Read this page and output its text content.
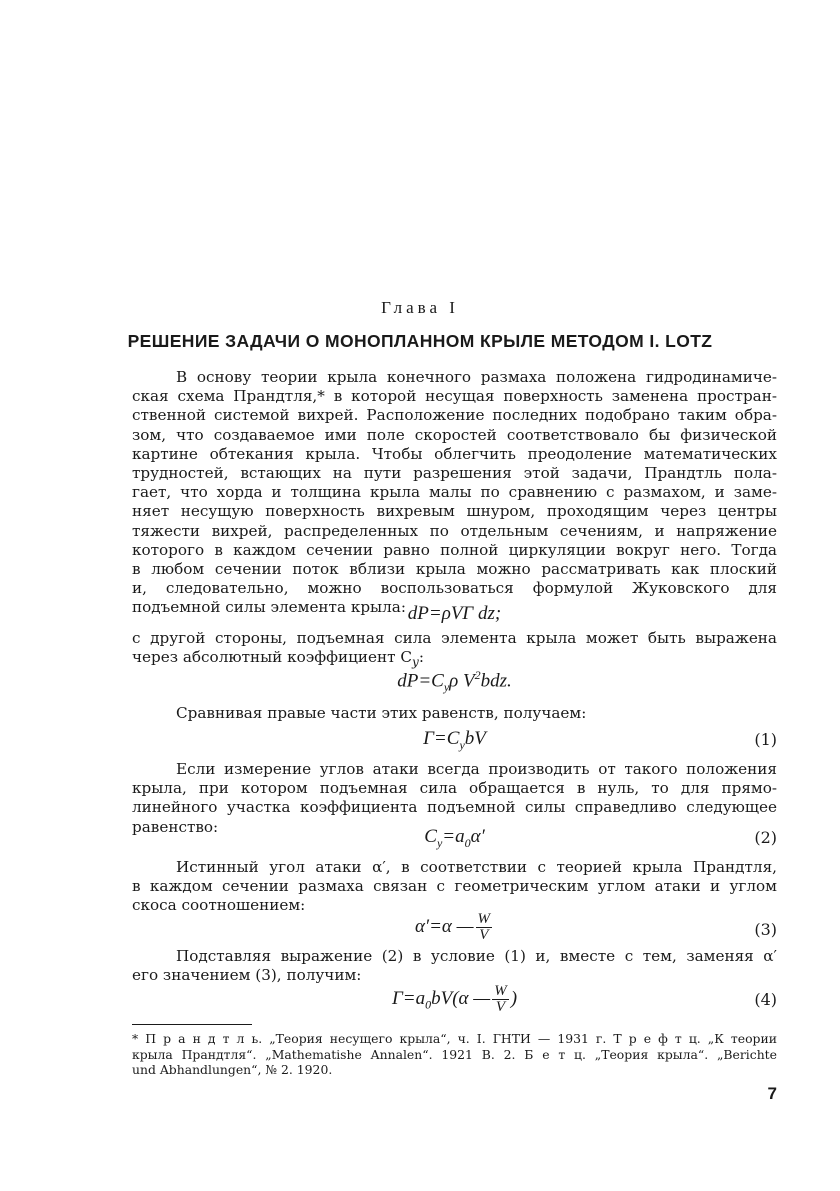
Глава I
РЕШЕНИЕ ЗАДАЧИ О МОНОПЛАННОМ КРЫЛЕ МЕТОДОМ I. LOTZ
В основу теории крыла конечного размаха положена гидродинамиче-
ская схема Прандтля,* в которой несущая поверхность заменена простран-
ственной системой вихрей. Расположение последних подобрано таким обра-
зом, что создаваемое ими поле скоростей соответствовало бы физической
картине обтекания крыла. Чтобы облегчить преодоление математических
трудностей, встающих на пути разрешения этой задачи, Прандтль пола-
гает, что хорда и толщина крыла малы по сравнению с размахом, и заме-
няет несущую поверхность вихревым шнуром, проходящим через центры
тяжести вихрей, распределенных по отдельным сечениям, и напряжение
которого в каждом сечении равно полной циркуляции вокруг него. Тогда
в любом сечении поток вблизи крыла можно рассматривать как плоский
и, следовательно, можно воспользоваться формулой Жуковского для
подъемной силы элемента крыла: dP=ρVΓ dz;
с другой стороны, подъемная сила элемента крыла может быть выражена
через абсолютный коэффициент $C_y$:
$dP=C_y\rho$ $V^2bdz$.
Сравнивая правые части этих равенств, получаем:
$\Gamma=C_ybV$	(1)
Если измерение углов атаки всегда производить от такого положения
крыла, при котором подъемная сила обращается в нуль, то для прямо-
линейного участка коэффициента подъемной силы справедливо следующее
равенство:	$C_y=a_0\alpha'$	(2)
Истинный угол атаки α′, в соответствии с теорией крыла Прандтля,
в каждом сечении размаха связан с геометрическим углом атаки и углом
скоса соотношением:
α′=α — $\frac{W}{V}$	(3)
Подставляя выражение (2) в условие (1) и, вместе с тем, заменяя α′
его значением (3), получим:
$\Gamma=a_0bV(\alpha$ — $\frac{W}{V}$ )	(4)
* П р а н д т л ь. „Теория несущего крыла“, ч. I. ГНТИ — 1931 г. Т р е ф т ц. „К теории
крыла Прандтля“. „Mathematishe Annalen“. 1921 B. 2. Б е т ц. „Теория крыла“. „Berichte
und Abhandlungen“, № 2. 1920.
7
